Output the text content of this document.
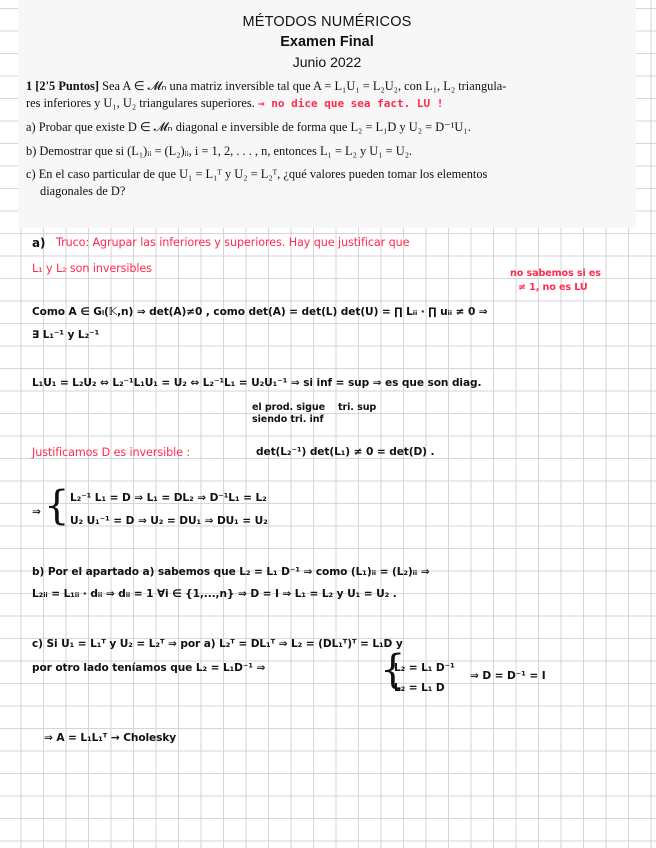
MÉTODOS NUMÉRICOS
Examen Final
Junio 2022

1 [2'5 Puntos] Sea A ∈ 𝓜ₙ una matriz inversible tal que A = L₁U₁ = L₂U₂, con L₁, L₂ triangula-
res inferiores y U₁, U₂ triangulares superiores. → no dice que sea fact. LU !

a) Probar que existe D ∈ 𝓜ₙ diagonal e inversible de forma que L₂ = L₁D y U₂ = D⁻¹U₁.

b) Demostrar que si (L₁)ᵢᵢ = (L₂)ᵢᵢ, i = 1, 2, . . . , n, entonces L₁ = L₂ y U₁ = U₂.

c) En el caso particular de que U₁ = L₁ᵀ y U₂ = L₂ᵀ, ¿qué valores pueden tomar los elementos
diagonales de D?

a) Truco: Agrupar las inferiores y superiores. Hay que justificar que
L₁ y L₂ son inversibles	no sabemos si es
≠ 1, no es LU
Como A ∈ Gₗ(𝕂,n) ⇒ det(A)≠0 , como det(A) = det(L) det(U) = ∏ Lᵢᵢ · ∏ uᵢᵢ ≠ 0 ⇒
∃ L₁⁻¹ y L₂⁻¹
L₁U₁ = L₂U₂ ⇔ L₂⁻¹L₁U₁ = U₂ ⇔ L₂⁻¹L₁ = U₂U₁⁻¹ ⇒ si inf = sup ⇒ es que son diag.
el prod. sigue
siendo tri. inf
tri. sup
Justificamos D es inversible :	det(L₂⁻¹) det(L₁) ≠ 0 = det(D) .
{
⇒
L₂⁻¹ L₁ = D ⇒ L₁ = DL₂ ⇒ D⁻¹L₁ = L₂
U₂ U₁⁻¹ = D ⇒ U₂ = DU₁ ⇒ DU₁ = U₂
b) Por el apartado a) sabemos que L₂ = L₁ D⁻¹ ⇒ como (L₁)ᵢᵢ = (L₂)ᵢᵢ ⇒
L₂ᵢᵢ = L₁ᵢᵢ · dᵢᵢ ⇒ dᵢᵢ = 1 ∀i ∈ {1,...,n} ⇒ D = I ⇒ L₁ = L₂ y U₁ = U₂ .
c) Si U₁ = L₁ᵀ y U₂ = L₂ᵀ ⇒ por a) L₂ᵀ = DL₁ᵀ ⇒ L₂ = (DL₁ᵀ)ᵀ = L₁D y
por otro lado teníamos que L₂ = L₁D⁻¹ ⇒	{
L₂ = L₁ D⁻¹
L₂ = L₁ D
⇒ D = D⁻¹ = I
⇒ A = L₁L₁ᵀ → Cholesky
